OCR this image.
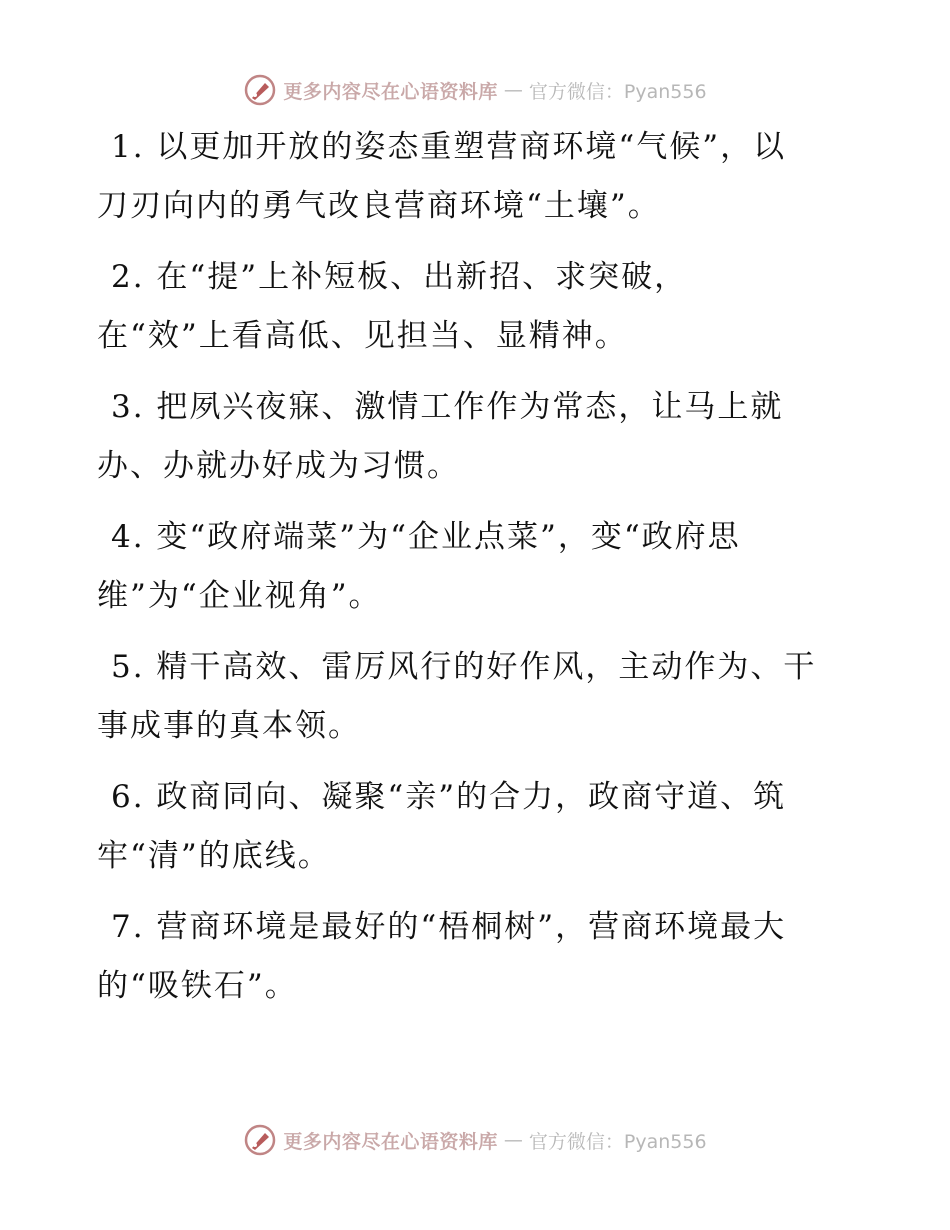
更多内容尽在心语资料库 — 官方微信：Pyan556
1. 以更加开放的姿态重塑营商环境“气候”，以
刀刃向内的勇气改良营商环境“土壤”。
2. 在“提”上补短板、出新招、求突破，
在“效”上看高低、见担当、显精神。
3. 把夙兴夜寐、激情工作作为常态，让马上就
办、办就办好成为习惯。
4. 变“政府端菜”为“企业点菜”，变“政府思
维”为“企业视角”。
5. 精干高效、雷厉风行的好作风，主动作为、干
事成事的真本领。
6. 政商同向、凝聚“亲”的合力，政商守道、筑
牢“清”的底线。
7. 营商环境是最好的“梧桐树”，营商环境最大
的“吸铁石”。
更多内容尽在心语资料库 — 官方微信：Pyan556
